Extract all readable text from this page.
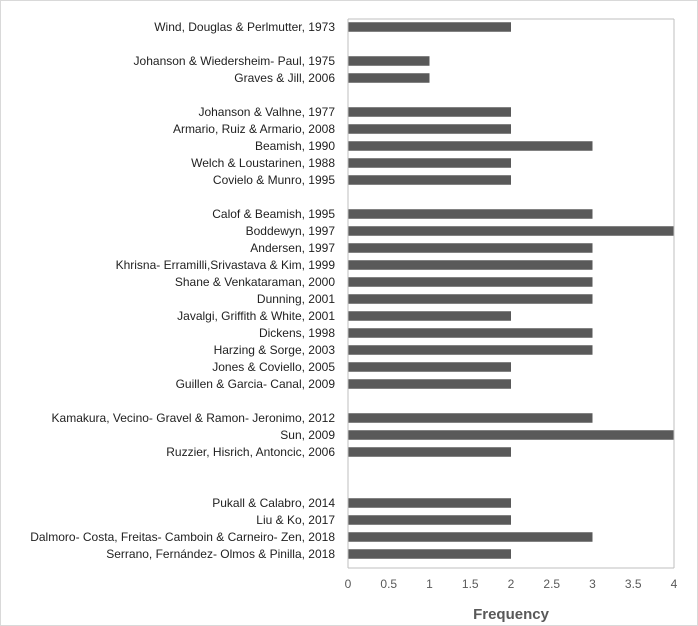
Wind, Douglas & Perlmutter, 1973
Johanson & Wiedersheim- Paul, 1975
Graves & Jill, 2006
Johanson & Valhne, 1977
Armario, Ruiz & Armario, 2008
Beamish, 1990
Welch & Loustarinen, 1988
Covielo & Munro, 1995
Calof & Beamish, 1995
Boddewyn, 1997
Andersen, 1997
Khrisna- Erramilli,Srivastava & Kim, 1999
Shane & Venkataraman, 2000
Dunning, 2001
Javalgi, Griffith & White, 2001
Dickens, 1998
Harzing & Sorge, 2003
Jones & Coviello, 2005
Guillen & Garcia- Canal, 2009
Kamakura, Vecino- Gravel & Ramon- Jeronimo, 2012
Sun, 2009
Ruzzier, Hisrich, Antoncic, 2006
Pukall & Calabro, 2014
Liu & Ko, 2017
Dalmoro- Costa, Freitas- Camboin & Carneiro- Zen, 2018
Serrano, Fernández- Olmos & Pinilla, 2018
0 0.5 1 1.5 2 2.5 3 3.5 4
Frequency
